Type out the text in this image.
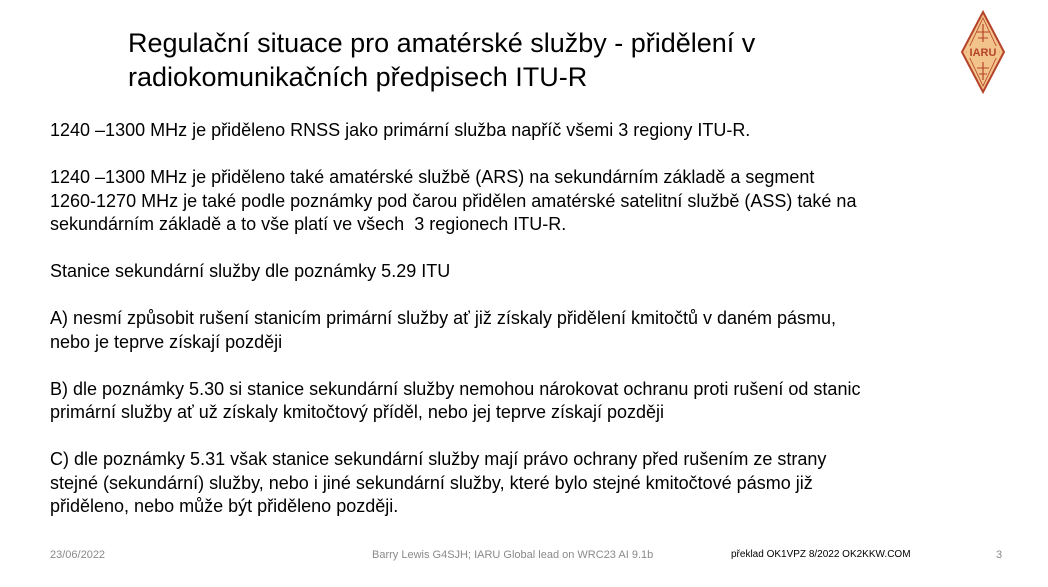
Regulační situace pro amatérské služby - přidělení v
radiokomunikačních předpisech ITU-R
IARU

1240 –1300 MHz je přiděleno RNSS jako primární služba napříč všemi 3 regiony ITU-R.

1240 –1300 MHz je přiděleno také amatérské službě (ARS) na sekundárním základě a segment
1260-1270 MHz je také podle poznámky pod čarou přidělen amatérské satelitní službě (ASS) také na
sekundárním základě a to vše platí ve všech  3 regionech ITU-R.

Stanice sekundární služby dle poznámky 5.29 ITU

A) nesmí způsobit rušení stanicím primární služby ať již získaly přidělení kmitočtů v daném pásmu,
nebo je teprve získají později

B) dle poznámky 5.30 si stanice sekundární služby nemohou nárokovat ochranu proti rušení od stanic
primární služby ať už získaly kmitočtový příděl, nebo jej teprve získají později

C) dle poznámky 5.31 však stanice sekundární služby mají právo ochrany před rušením ze strany
stejné (sekundární) služby, nebo i jiné sekundární služby, které bylo stejné kmitočtové pásmo již
přiděleno, nebo může být přiděleno později.

23/06/2022	Barry Lewis G4SJH; IARU Global lead on WRC23 AI 9.1b	překlad OK1VPZ 8/2022 OK2KKW.COM	3
